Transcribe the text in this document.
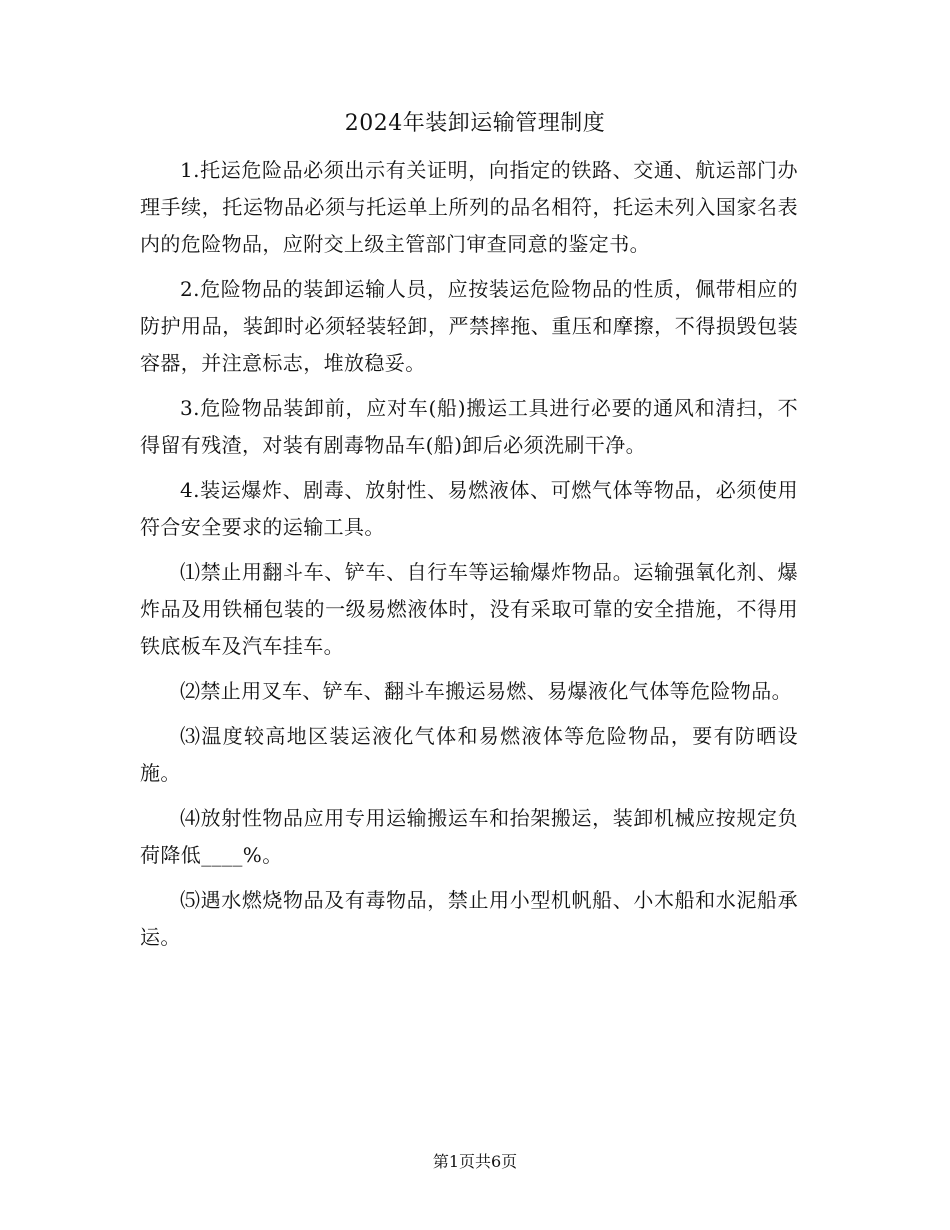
2024年装卸运输管理制度

1.托运危险品必须出示有关证明，向指定的铁路、交通、航运部门办理手续，托运物品必须与托运单上所列的品名相符，托运未列入国家名表内的危险物品，应附交上级主管部门审查同意的鉴定书。

2.危险物品的装卸运输人员，应按装运危险物品的性质，佩带相应的防护用品，装卸时必须轻装轻卸，严禁摔拖、重压和摩擦，不得损毁包装容器，并注意标志，堆放稳妥。

3.危险物品装卸前，应对车(船)搬运工具进行必要的通风和清扫，不得留有残渣，对装有剧毒物品车(船)卸后必须洗刷干净。

4.装运爆炸、剧毒、放射性、易燃液体、可燃气体等物品，必须使用符合安全要求的运输工具。

⑴禁止用翻斗车、铲车、自行车等运输爆炸物品。运输强氧化剂、爆炸品及用铁桶包装的一级易燃液体时，没有采取可靠的安全措施，不得用铁底板车及汽车挂车。

⑵禁止用叉车、铲车、翻斗车搬运易燃、易爆液化气体等危险物品。

⑶温度较高地区装运液化气体和易燃液体等危险物品，要有防晒设施。

⑷放射性物品应用专用运输搬运车和抬架搬运，装卸机械应按规定负荷降低____%。

⑸遇水燃烧物品及有毒物品，禁止用小型机帆船、小木船和水泥船承运。

第1页共6页
